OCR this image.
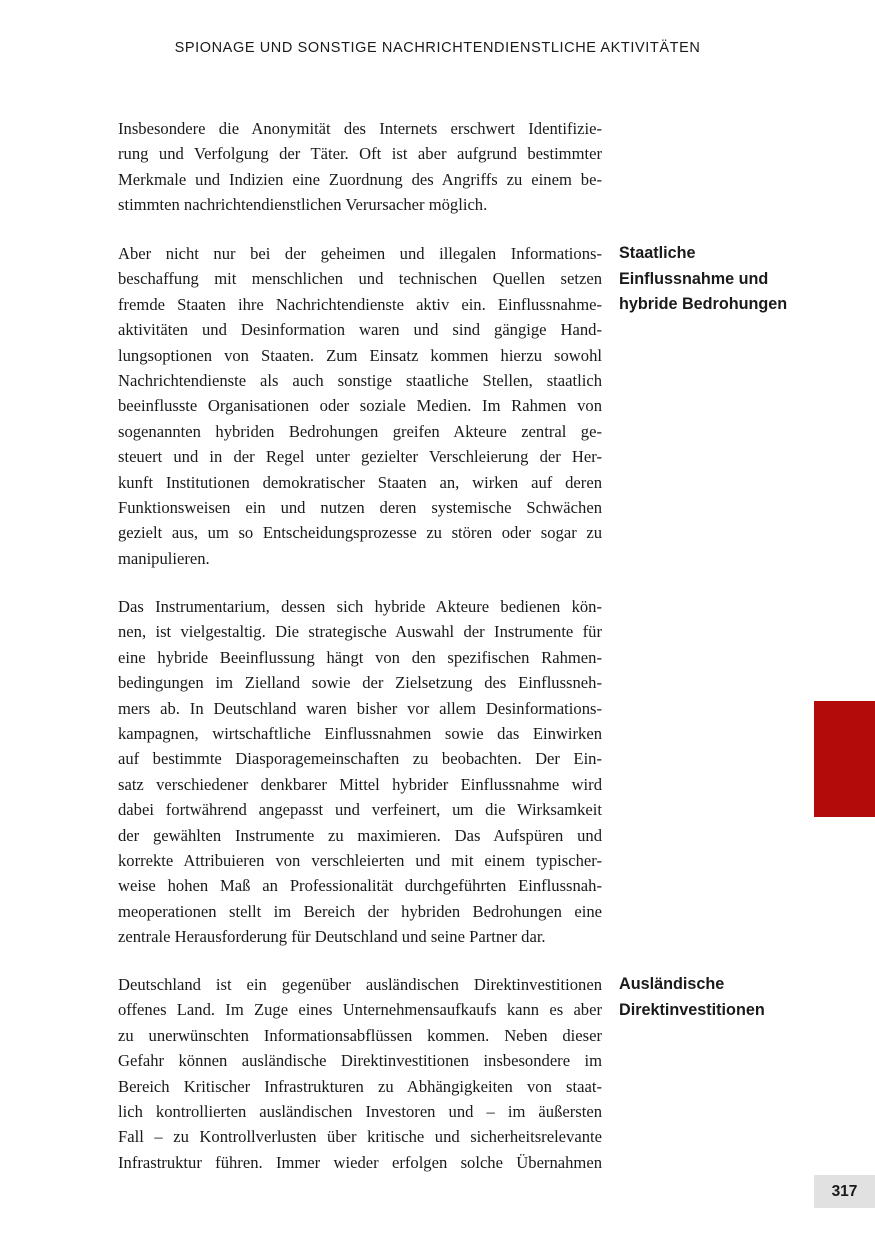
SPIONAGE UND SONSTIGE NACHRICHTENDIENSTLICHE AKTIVITÄTEN
Insbesondere die Anonymität des Internets erschwert Identifizie-
rung und Verfolgung der Täter. Oft ist aber aufgrund bestimmter
Merkmale und Indizien eine Zuordnung des Angriffs zu einem be-
stimmten nachrichtendienstlichen Verursacher möglich.
Aber nicht nur bei der geheimen und illegalen Informations-
beschaffung mit menschlichen und technischen Quellen setzen
fremde Staaten ihre Nachrichtendienste aktiv ein. Einflussnahme-
aktivitäten und Desinformation waren und sind gängige Hand-
lungsoptionen von Staaten. Zum Einsatz kommen hierzu sowohl
Nachrichtendienste als auch sonstige staatliche Stellen, staatlich
beeinflusste Organisationen oder soziale Medien. Im Rahmen von
sogenannten hybriden Bedrohungen greifen Akteure zentral ge-
steuert und in der Regel unter gezielter Verschleierung der Her-
kunft Institutionen demokratischer Staaten an, wirken auf deren
Funktionsweisen ein und nutzen deren systemische Schwächen
gezielt aus, um so Entscheidungsprozesse zu stören oder sogar zu
manipulieren.
Das Instrumentarium, dessen sich hybride Akteure bedienen kön-
nen, ist vielgestaltig. Die strategische Auswahl der Instrumente für
eine hybride Beeinflussung hängt von den spezifischen Rahmen-
bedingungen im Zielland sowie der Zielsetzung des Einflussneh-
mers ab. In Deutschland waren bisher vor allem Desinformations-
kampagnen, wirtschaftliche Einflussnahmen sowie das Einwirken
auf bestimmte Diasporagemeinschaften zu beobachten. Der Ein-
satz verschiedener denkbarer Mittel hybrider Einflussnahme wird
dabei fortwährend angepasst und verfeinert, um die Wirksamkeit
der gewählten Instrumente zu maximieren. Das Aufspüren und
korrekte Attribuieren von verschleierten und mit einem typischer-
weise hohen Maß an Professionalität durchgeführten Einflussnah-
meoperationen stellt im Bereich der hybriden Bedrohungen eine
zentrale Herausforderung für Deutschland und seine Partner dar.
Deutschland ist ein gegenüber ausländischen Direktinvestitionen
offenes Land. Im Zuge eines Unternehmensaufkaufs kann es aber
zu unerwünschten Informationsabflüssen kommen. Neben dieser
Gefahr können ausländische Direktinvestitionen insbesondere im
Bereich Kritischer Infrastrukturen zu Abhängigkeiten von staat-
lich kontrollierten ausländischen Investoren und – im äußersten
Fall – zu Kontrollverlusten über kritische und sicherheitsrelevante
Infrastruktur führen. Immer wieder erfolgen solche Übernahmen
Staatliche
Einflussnahme und
hybride Bedrohungen
Ausländische
Direktinvestitionen
317
